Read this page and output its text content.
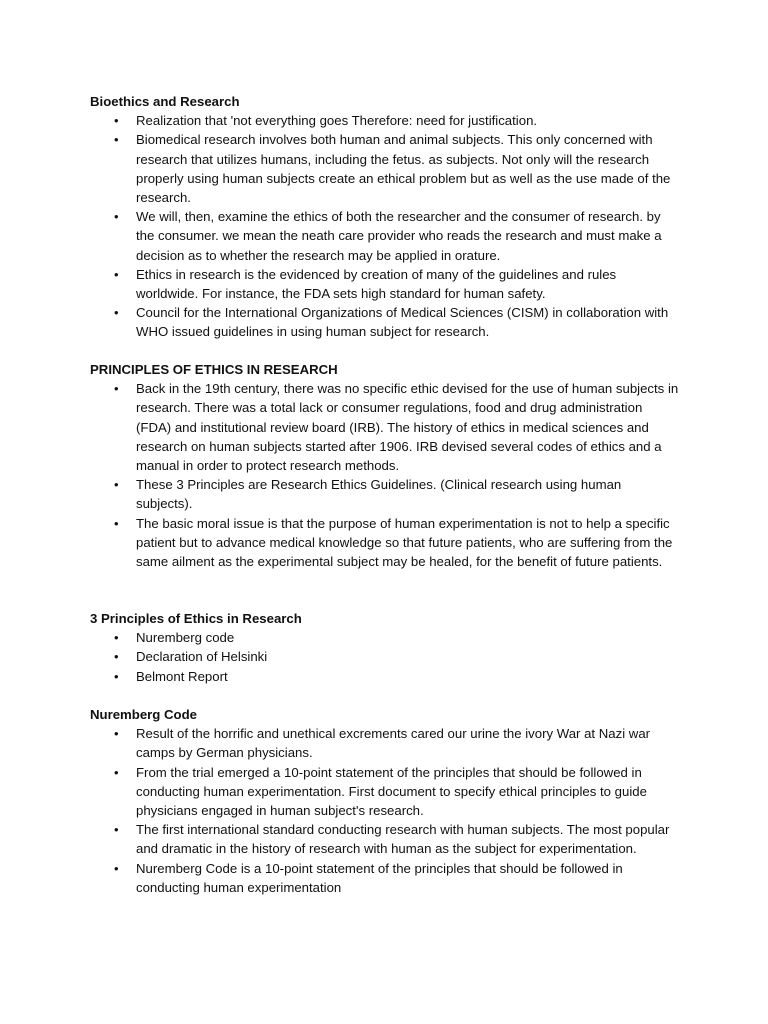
Bioethics and Research
• Realization that 'not everything goes Therefore: need for justification.
• Biomedical research involves both human and animal subjects. This only concerned with research that utilizes humans, including the fetus. as subjects. Not only will the research properly using human subjects create an ethical problem but as well as the use made of the research.
• We will, then, examine the ethics of both the researcher and the consumer of research. by the consumer. we mean the neath care provider who reads the research and must make a decision as to whether the research may be applied in orature.
• Ethics in research is the evidenced by creation of many of the guidelines and rules worldwide. For instance, the FDA sets high standard for human safety.
• Council for the International Organizations of Medical Sciences (CISM) in collaboration with WHO issued guidelines in using human subject for research.
PRINCIPLES OF ETHICS IN RESEARCH
• Back in the 19th century, there was no specific ethic devised for the use of human subjects in research. There was a total lack or consumer regulations, food and drug administration (FDA) and institutional review board (IRB). The history of ethics in medical sciences and research on human subjects started after 1906. IRB devised several codes of ethics and a manual in order to protect research methods.
• These 3 Principles are Research Ethics Guidelines. (Clinical research using human subjects).
• The basic moral issue is that the purpose of human experimentation is not to help a specific patient but to advance medical knowledge so that future patients, who are suffering from the same ailment as the experimental subject may be healed, for the benefit of future patients.
3 Principles of Ethics in Research
• Nuremberg code
• Declaration of Helsinki
• Belmont Report
Nuremberg Code
• Result of the horrific and unethical excrements cared our urine the ivory War at Nazi war camps by German physicians.
• From the trial emerged a 10-point statement of the principles that should be followed in conducting human experimentation. First document to specify ethical principles to guide physicians engaged in human subject's research.
• The first international standard conducting research with human subjects. The most popular and dramatic in the history of research with human as the subject for experimentation.
• Nuremberg Code is a 10-point statement of the principles that should be followed in conducting human experimentation
